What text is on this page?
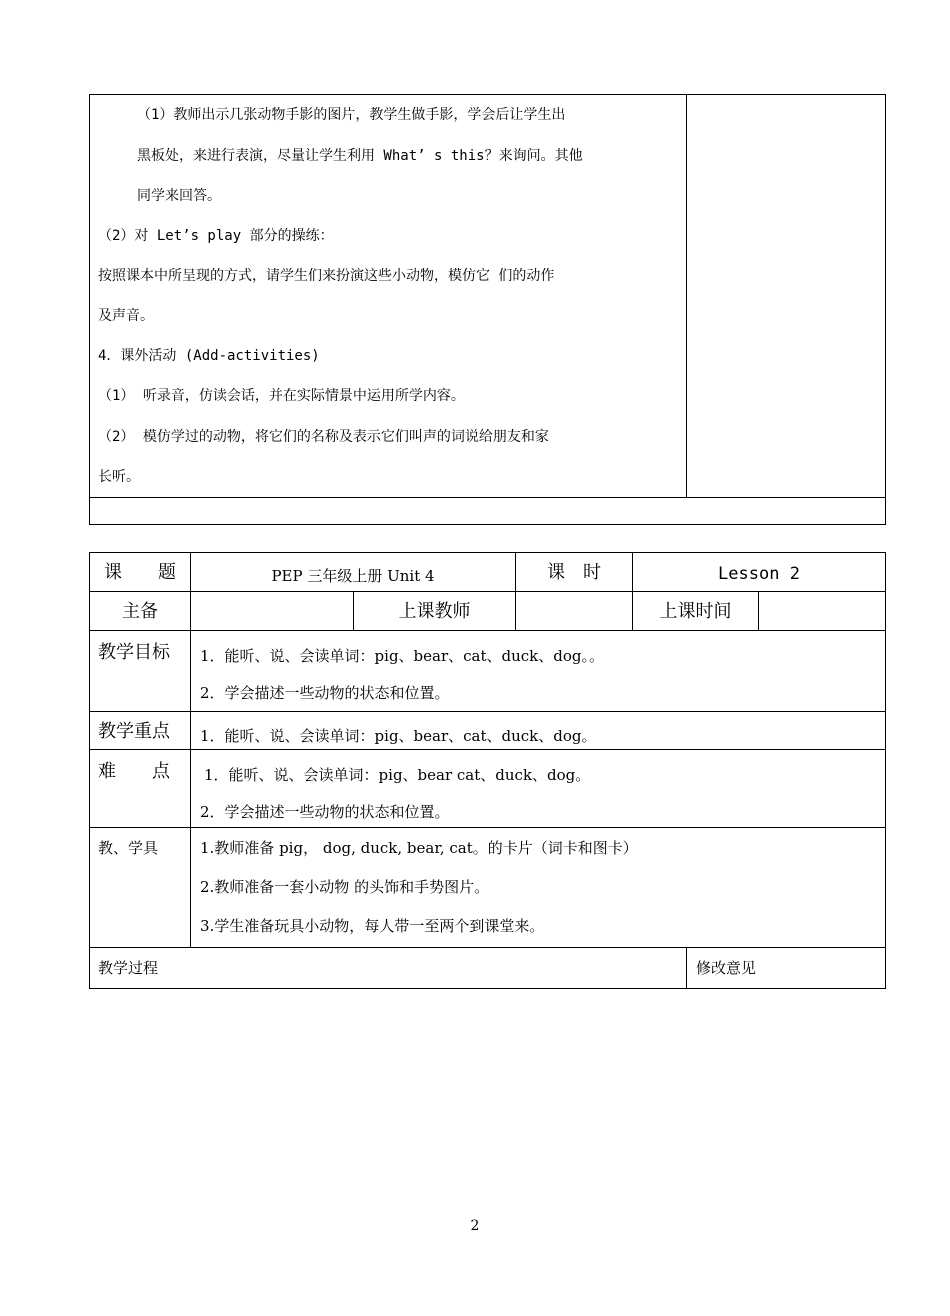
（1）教师出示几张动物手影的图片，教学生做手影，学会后让学生出
黑板处，来进行表演，尽量让学生利用 What’ s this？来询问。其他
同学来回答。
（2）对 Let’s play 部分的操练：
按照课本中所呈现的方式，请学生们来扮演这些小动物，模仿它 们的动作
及声音。
4．课外活动 (Add-activities)
（1） 听录音，仿读会话，并在实际情景中运用所学内容。
（2） 模仿学过的动物，将它们的名称及表示它们叫声的词说给朋友和家
长听。
课　　题	PEP 三年级上册 Unit 4	课　时	Lesson 2
主备	上课教师	上课时间
教学目标 1．能听、说、会读单词：pig、bear、cat、duck、dog。。
2．学会描述一些动物的状态和位置。
教学重点 1．能听、说、会读单词：pig、bear、cat、duck、dog。
难　　点 1．能听、说、会读单词：pig、bear cat、duck、dog。
2．学会描述一些动物的状态和位置。
教、学具	1.教师准备 pig， dog, duck, bear, cat。的卡片（词卡和图卡）
2.教师准备一套小动物 的头饰和手势图片。
3.学生准备玩具小动物，每人带一至两个到课堂来。
教学过程	修改意见
2
